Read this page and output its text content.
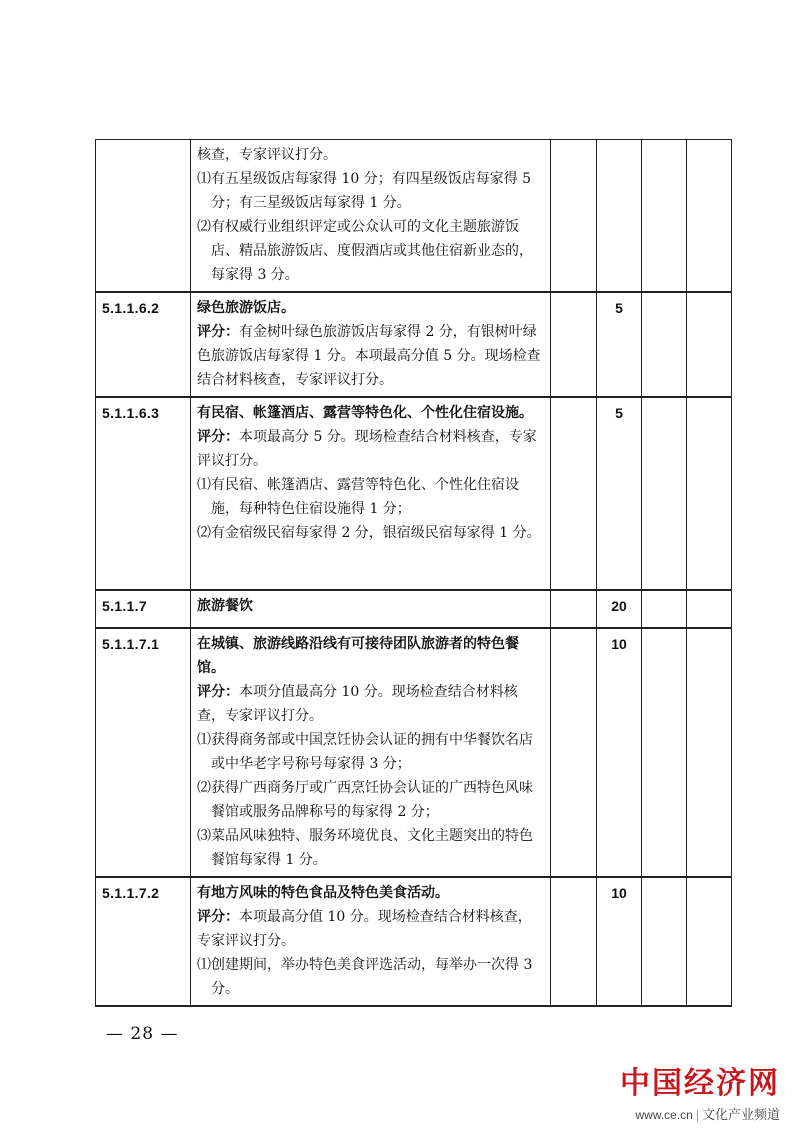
	核查，专家评议打分。
⑴有五星级饭店每家得 10 分；有四星级饭店每家得 5 分；有三星级饭店每家得 1 分。
⑵有权威行业组织评定或公众认可的文化主题旅游饭店、精品旅游饭店、度假酒店或其他住宿新业态的，每家得 3 分。				

5.1.1.6.2	绿色旅游饭店。
评分：有金树叶绿色旅游饭店每家得 2 分，有银树叶绿色旅游饭店每家得 1 分。本项最高分值 5 分。现场检查结合材料核查，专家评议打分。		5		
5.1.1.6.3	有民宿、帐篷酒店、露营等特色化、个性化住宿设施。
评分：本项最高分 5 分。现场检查结合材料核查，专家评议打分。
⑴有民宿、帐篷酒店、露营等特色化、个性化住宿设施，每种特色住宿设施得 1 分；
⑵有金宿级民宿每家得 2 分，银宿级民宿每家得 1 分。		5		
5.1.1.7	旅游餐饮		20		
5.1.1.7.1	在城镇、旅游线路沿线有可接待团队旅游者的特色餐馆。
评分：本项分值最高分 10 分。现场检查结合材料核查，专家评议打分。
⑴获得商务部或中国烹饪协会认证的拥有中华餐饮名店或中华老字号称号每家得 3 分；
⑵获得广西商务厅或广西烹饪协会认证的广西特色风味餐馆或服务品牌称号的每家得 2 分；
⑶菜品风味独特、服务环境优良、文化主题突出的特色餐馆每家得 1 分。		10		
5.1.1.7.2	有地方风味的特色食品及特色美食活动。
评分：本项最高分值 10 分。现场检查结合材料核查，专家评议打分。
⑴创建期间，举办特色美食评选活动，每举办一次得 3 分。		10		
— 28 —
中国经济网
www.ce.cn | 文化产业频道
